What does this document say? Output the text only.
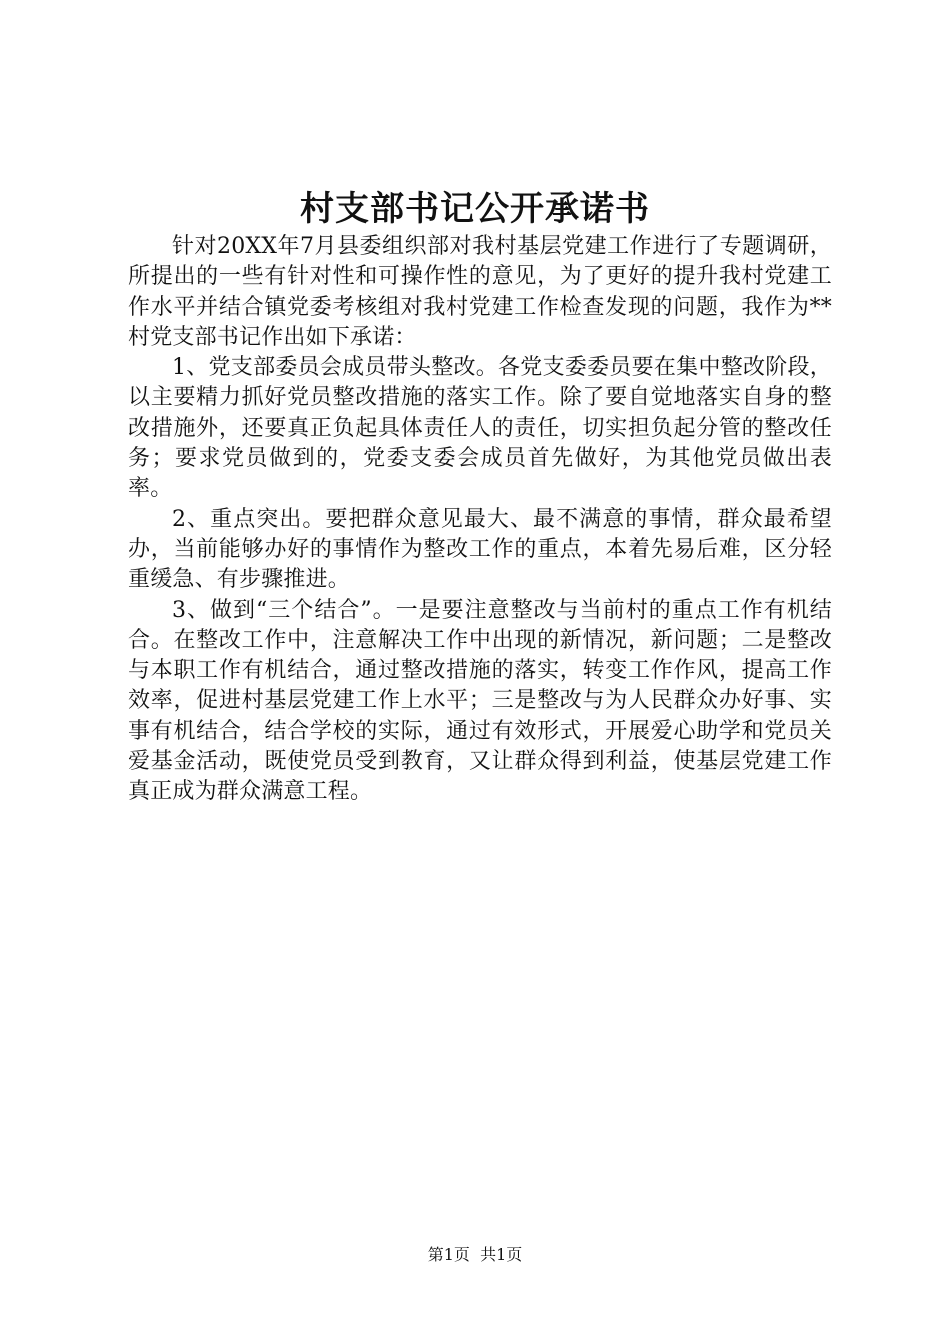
村支部书记公开承诺书

针对20XX年7月县委组织部对我村基层党建工作进行了专题调研，所提出的一些有针对性和可操作性的意见，为了更好的提升我村党建工作水平并结合镇党委考核组对我村党建工作检查发现的问题，我作为**村党支部书记作出如下承诺：

1、党支部委员会成员带头整改。各党支委委员要在集中整改阶段，以主要精力抓好党员整改措施的落实工作。除了要自觉地落实自身的整改措施外，还要真正负起具体责任人的责任，切实担负起分管的整改任务；要求党员做到的，党委支委会成员首先做好，为其他党员做出表率。

2、重点突出。要把群众意见最大、最不满意的事情，群众最希望办，当前能够办好的事情作为整改工作的重点，本着先易后难，区分轻重缓急、有步骤推进。

3、做到“三个结合”。一是要注意整改与当前村的重点工作有机结合。在整改工作中，注意解决工作中出现的新情况，新问题；二是整改与本职工作有机结合，通过整改措施的落实，转变工作作风，提高工作效率，促进村基层党建工作上水平；三是整改与为人民群众办好事、实事有机结合，结合学校的实际，通过有效形式，开展爱心助学和党员关爱基金活动，既使党员受到教育，又让群众得到利益，使基层党建工作真正成为群众满意工程。

第1页 共1页
